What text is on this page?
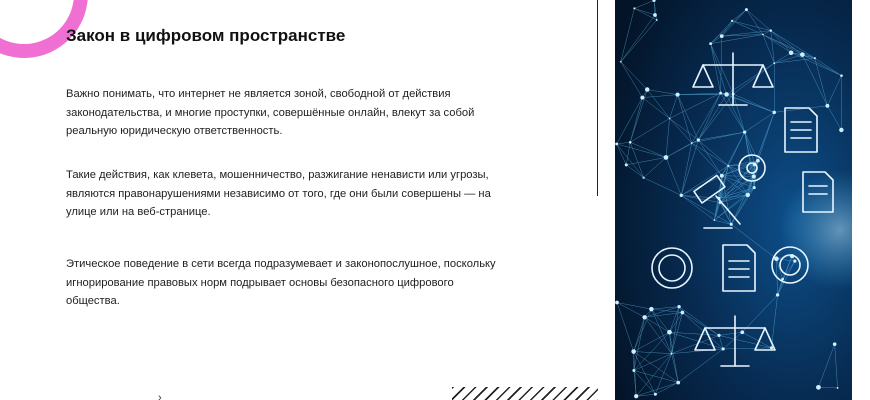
Закон в цифровом пространстве

Важно понимать, что интернет не является зоной, свободной от действия законодательства, и многие проступки, совершённые онлайн, влекут за собой реальную юридическую ответственность.

Такие действия, как клевета, мошенничество, разжигание ненависти или угрозы, являются правонарушениями независимо от того, где они были совершены — на улице или на веб-странице.

Этическое поведение в сети всегда подразумевает и законопослушное, поскольку игнорирование правовых норм подрывает основы безопасного цифрового общества.

›
